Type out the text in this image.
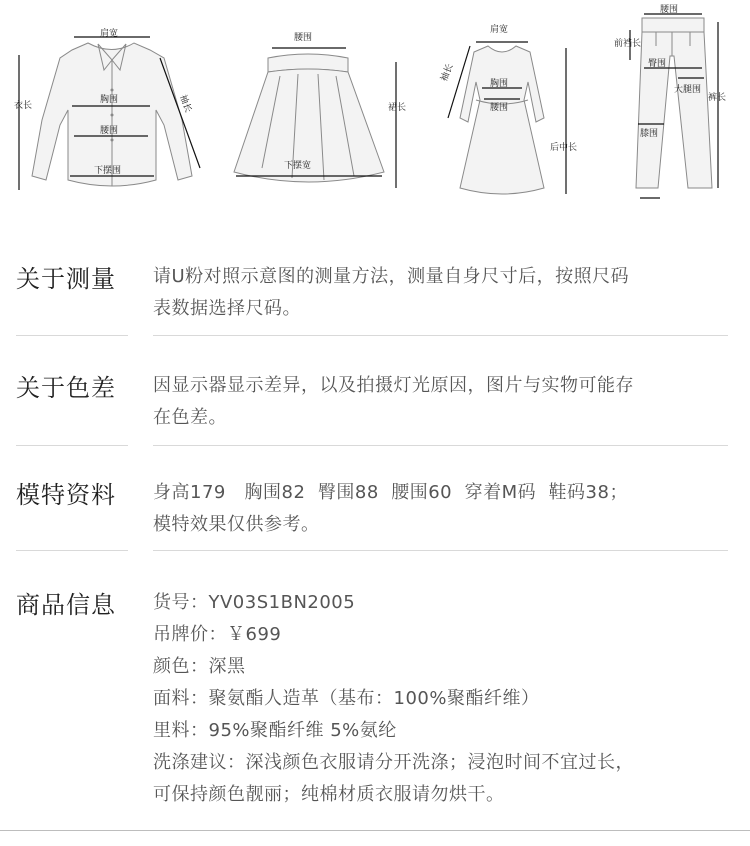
肩宽
衣长	袖长
胸围
腰围
下摆围
腰围
裙长
下摆宽
肩宽
袖长
胸围
腰围
后中长
腰围
前裆长
臀围
大腿围
膝围
裤长
关于测量 请U粉对照示意图的测量方法，测量自身尺寸后，按照尺码
表数据选择尺码。
关于色差 因显示器显示差异，以及拍摄灯光原因，图片与实物可能存
在色差。
模特资料 身高179   胸围82  臀围88  腰围60  穿着M码  鞋码38；
模特效果仅供参考。
商品信息 货号：YV03S1BN2005
吊牌价：￥699
颜色：深黑
面料：聚氨酯人造革（基布：100%聚酯纤维）
里料：95%聚酯纤维 5%氨纶
洗涤建议：深浅颜色衣服请分开洗涤；浸泡时间不宜过长，
可保持颜色靓丽；纯棉材质衣服请勿烘干。
